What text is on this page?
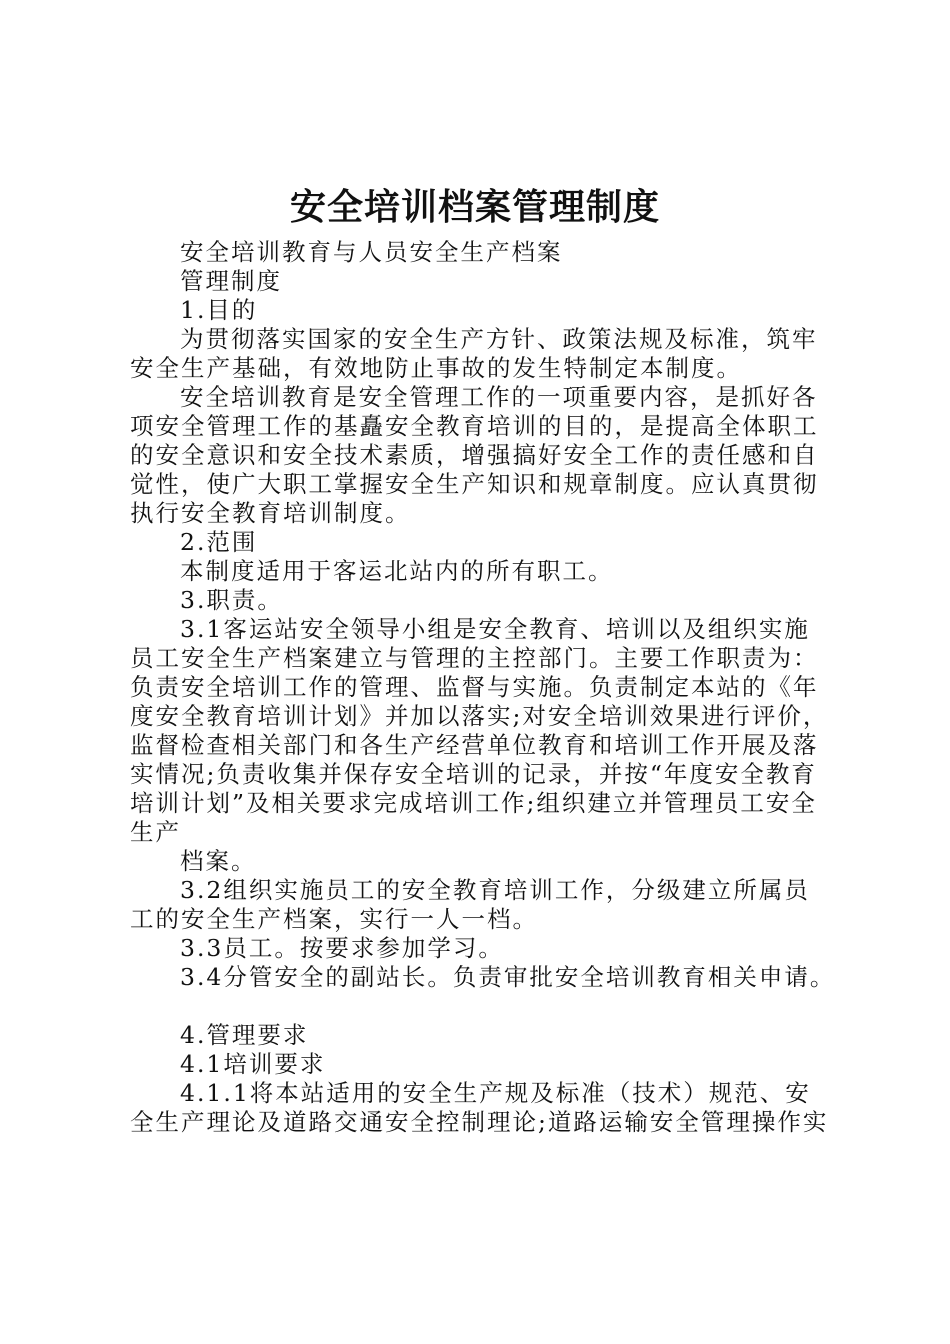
安全培训档案管理制度
安全培训教育与人员安全生产档案
管理制度
1.目的
为贯彻落实国家的安全生产方针、政策法规及标准，筑牢
安全生产基础，有效地防止事故的发生特制定本制度。
安全培训教育是安全管理工作的一项重要内容，是抓好各
项安全管理工作的基矗安全教育培训的目的，是提高全体职工
的安全意识和安全技术素质，增强搞好安全工作的责任感和自
觉性，使广大职工掌握安全生产知识和规章制度。应认真贯彻
执行安全教育培训制度。
2.范围
本制度适用于客运北站内的所有职工。
3.职责。
3.1客运站安全领导小组是安全教育、培训以及组织实施
员工安全生产档案建立与管理的主控部门。主要工作职责为：
负责安全培训工作的管理、监督与实施。负责制定本站的《年
度安全教育培训计划》并加以落实;对安全培训效果进行评价，
监督检查相关部门和各生产经营单位教育和培训工作开展及落
实情况;负责收集并保存安全培训的记录，并按“年度安全教育
培训计划”及相关要求完成培训工作;组织建立并管理员工安全
生产
档案。
3.2组织实施员工的安全教育培训工作，分级建立所属员
工的安全生产档案，实行一人一档。
3.3员工。按要求参加学习。
3.4分管安全的副站长。负责审批安全培训教育相关申请。
4.管理要求
4.1培训要求
4.1.1将本站适用的安全生产规及标准（技术）规范、安
全生产理论及道路交通安全控制理论;道路运输安全管理操作实
